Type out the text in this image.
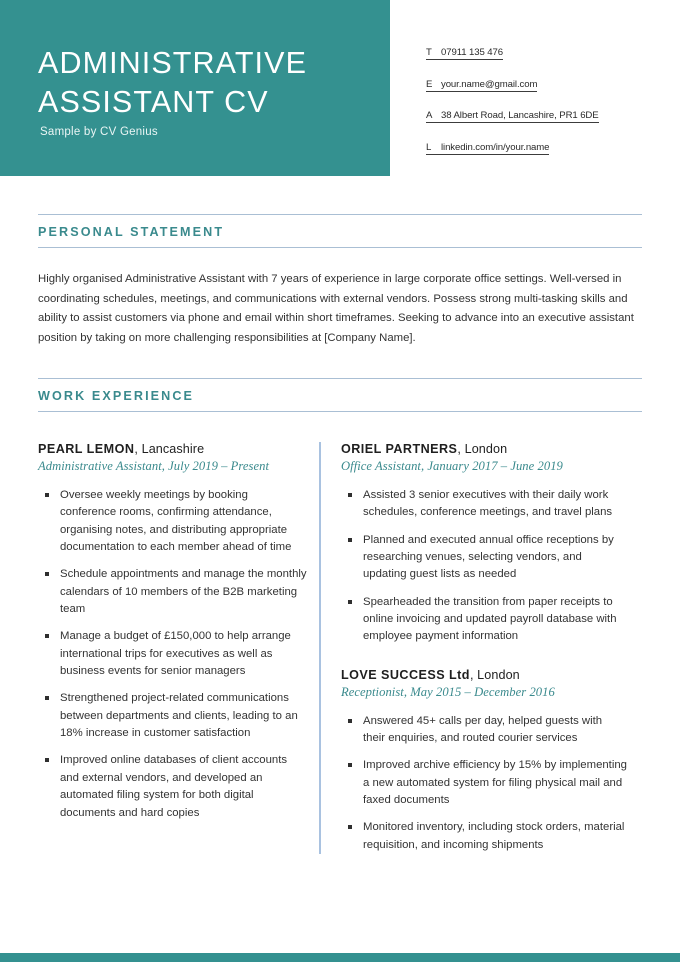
ADMINISTRATIVE ASSISTANT CV
Sample by CV Genius
T 07911 135 476
E your.name@gmail.com
A 38 Albert Road, Lancashire, PR1 6DE
L	linkedin.com/in/your.name
PERSONAL STATEMENT

Highly organised Administrative Assistant with 7 years of experience in large corporate office settings. Well-versed in coordinating schedules, meetings, and communications with external vendors. Possess strong multi-tasking skills and ability to assist customers via phone and email within short timeframes. Seeking to advance into an executive assistant position by taking on more challenging responsibilities at [Company Name].

WORK EXPERIENCE
PEARL LEMON, Lancashire
Administrative Assistant, July 2019 – Present
Oversee weekly meetings by booking conference rooms, confirming attendance, organising notes, and distributing appropriate documentation to each member ahead of time
Schedule appointments and manage the monthly calendars of 10 members of the B2B marketing team
Manage a budget of £150,000 to help arrange international trips for executives as well as business events for senior managers
Strengthened project-related communications between departments and clients, leading to an 18% increase in customer satisfaction
Improved online databases of client accounts and external vendors, and developed an automated filing system for both digital documents and hard copies
ORIEL PARTNERS, London
Office Assistant, January 2017 – June 2019
Assisted 3 senior executives with their daily work schedules, conference meetings, and travel plans
Planned and executed annual office receptions by researching venues, selecting vendors, and updating guest lists as needed
Spearheaded the transition from paper receipts to online invoicing and updated payroll database with employee payment information
LOVE SUCCESS Ltd, London
Receptionist, May 2015 – December 2016
Answered 45+ calls per day, helped guests with their enquiries, and routed courier services
Improved archive efficiency by 15% by implementing a new automated system for filing physical mail and faxed documents
Monitored inventory, including stock orders, material requisition, and incoming shipments
